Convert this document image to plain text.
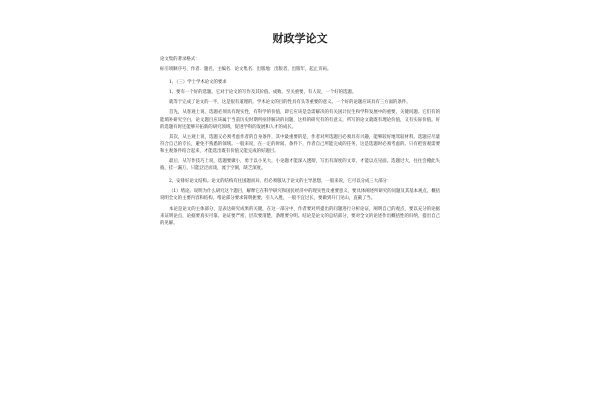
财政学论文

论文集的著录格式：

标引项顺序号，作者．题名，主编名．论文集名．出版地：出版者，出版年，起止页码。

1、（三）学士学术论文的要求

1、要有一个好的选题。它对于论文的写作及其价值、成败、至关重要，有人说，一个好的选题。

就等于完成了论文的一半，这是很有道理的。学术论文的目的性具有头等重要的意义。一个好的论题应该具有三方面的条件。

首先，从客观上说，选题必须具有现实性，有科学的价值，即它应该是急需解决的有关国计民生和学科发展中的重要、关键问题。它们有的能填补研究空白，论文题目应该属于当前历史时期所亟待解决的问题，这样的研究有的有意义，所写的论文就既有理论价值，又有实际价值。好的选题有时还能够开拓新的研究领域，促进学科的发展和人才的成长。

其次，从主观上说，选题又必须考虑作者的自身条件，其中最重要的是，作者对所选题目必须具有兴趣，能够较好地驾驭材料。选题应尽量符合自己的专长，避免不熟悉的领域。一般来说，在一定的时间、条件下，作者自己所能完成的任务，这是选题时必须考虑的。只有把客观需要和主观条件结合起来，才能选出既有价值又能完成的好题目。

最后，从写作技巧上说，选题要做小，勇于以小见大，小论题才能深入透彻，写出有深度的文章，才能以点见面。选题过大，往往会掩此失彼，挂一漏万，只能泛泛而谈，流于空洞，缺乏深度。

2、安排好论文结构。论文的结构有往国题而异，但必须服从于论文的主导思想，一般来说，它可以分成三大部分：

（1）绪论。说明为什么研究这个题目，解释它在科学研究和国民经济中的现实性及重要意义，要具体阐述所研究的问题及其基本观点，概括说明全文的主要内容和结构。绪论部分要求简明扼要，引人入胜，一般不宜过长，要做到开门见山，直截了当。

本论是论文的主体部分，是表达研究成果的关键，在这一部分中，作者要对所提出的问题进行分析论证，阐明自己的观点，要以充分的论据来证明论点，论据要真实可靠，论证要严密，层次要清楚，条理要分明。结论是论文的总结部分，要对全文的论述作出概括性的归纳，提出自己的见解。
